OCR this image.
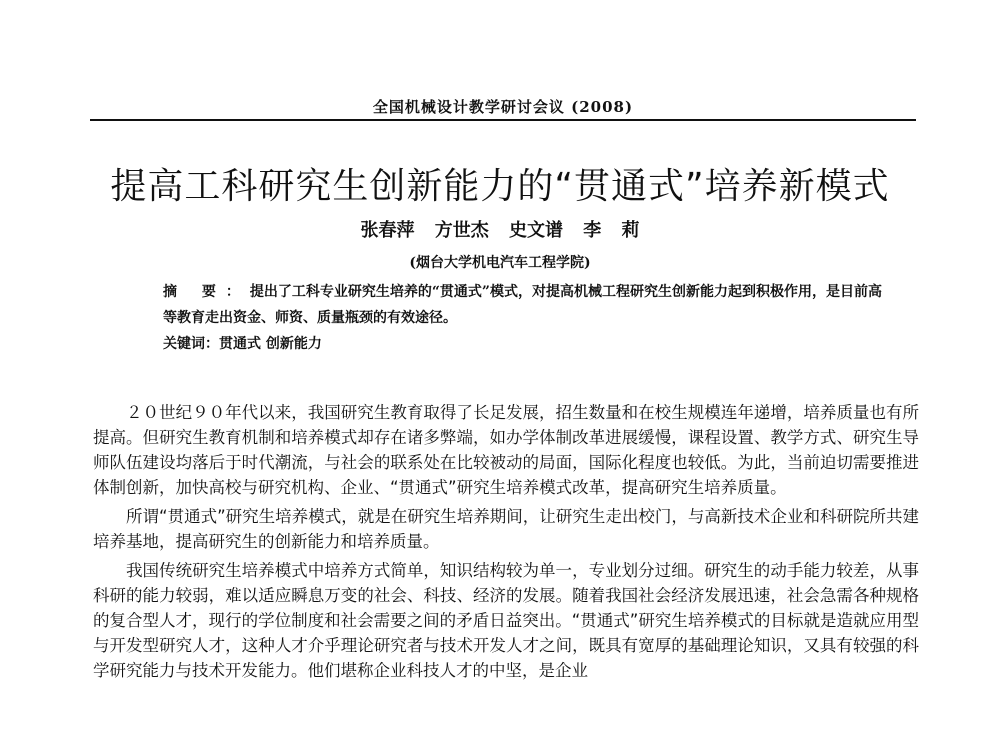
全国机械设计教学研讨会议 (2008)
提高工科研究生创新能力的“贯通式”培养新模式
张春萍 方世杰 史文谱 李 莉
(烟台大学机电汽车工程学院)
摘 要：提出了工科专业研究生培养的“贯通式”模式，对提高机械工程研究生创新能力起到积极作用，是目前高等教育走出资金、师资、质量瓶颈的有效途径。
关键词：贯通式 创新能力

２０世纪９０年代以来，我国研究生教育取得了长足发展，招生数量和在校生规模连年递增，培养质量也有所提高。但研究生教育机制和培养模式却存在诸多弊端，如办学体制改革进展缓慢，课程设置、教学方式、研究生导师队伍建设均落后于时代潮流，与社会的联系处在比较被动的局面，国际化程度也较低。为此，当前迫切需要推进体制创新，加快高校与研究机构、企业、“贯通式”研究生培养模式改革，提高研究生培养质量。

所谓“贯通式”研究生培养模式，就是在研究生培养期间，让研究生走出校门，与高新技术企业和科研院所共建培养基地，提高研究生的创新能力和培养质量。

我国传统研究生培养模式中培养方式简单，知识结构较为单一，专业划分过细。研究生的动手能力较差，从事科研的能力较弱，难以适应瞬息万变的社会、科技、经济的发展。随着我国社会经济发展迅速，社会急需各种规格的复合型人才，现行的学位制度和社会需要之间的矛盾日益突出。“贯通式”研究生培养模式的目标就是造就应用型与开发型研究人才，这种人才介乎理论研究者与技术开发人才之间，既具有宽厚的基础理论知识，又具有较强的科学研究能力与技术开发能力。他们堪称企业科技人才的中坚，是企业
